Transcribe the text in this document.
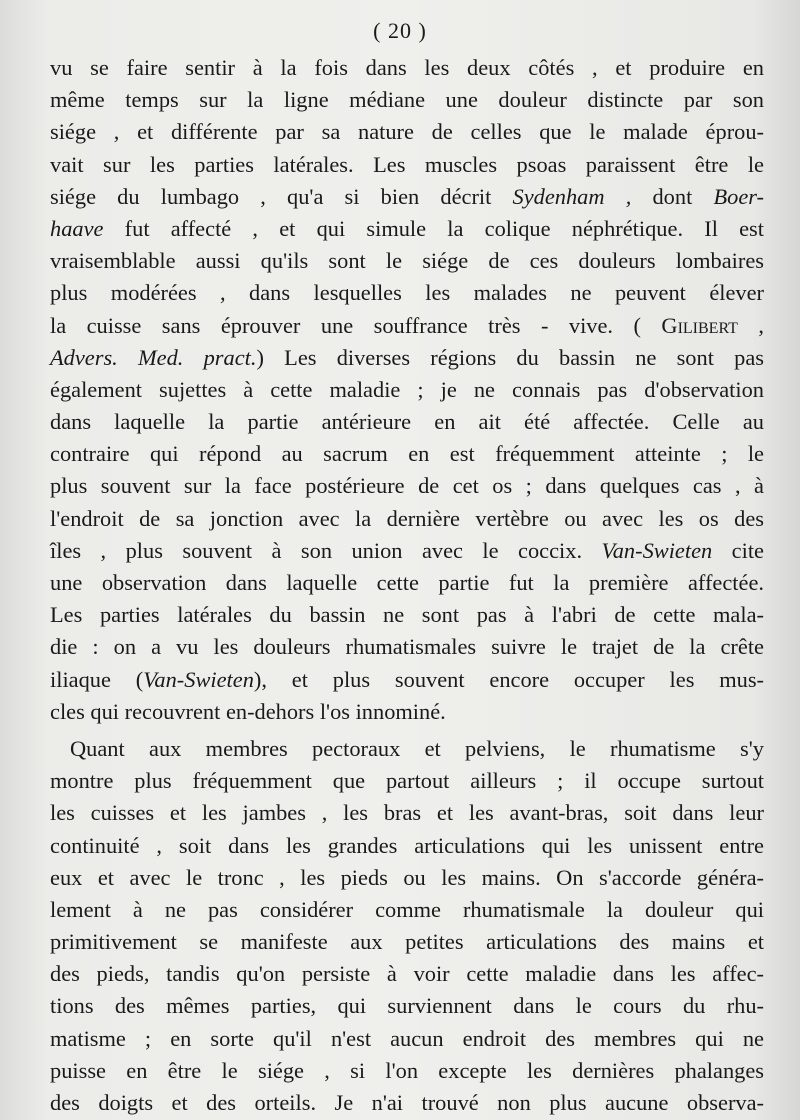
( 20 )
vu se faire sentir à la fois dans les deux côtés , et produire en
même temps sur la ligne médiane une douleur distincte par son
siége , et différente par sa nature de celles que le malade éprou-
vait sur les parties latérales. Les muscles psoas paraissent être le
siége du lumbago , qu'a si bien décrit Sydenham , dont Boer-
haave fut affecté , et qui simule la colique néphrétique. Il est
vraisemblable aussi qu'ils sont le siége de ces douleurs lombaires
plus modérées , dans lesquelles les malades ne peuvent élever
la cuisse sans éprouver une souffrance très - vive. ( Gilibert ,
Advers. Med. pract.) Les diverses régions du bassin ne sont pas
également sujettes à cette maladie ; je ne connais pas d'observation
dans laquelle la partie antérieure en ait été affectée. Celle au
contraire qui répond au sacrum en est fréquemment atteinte ; le
plus souvent sur la face postérieure de cet os ; dans quelques cas , à
l'endroit de sa jonction avec la dernière vertèbre ou avec les os des
îles , plus souvent à son union avec le coccix. Van-Swieten cite
une observation dans laquelle cette partie fut la première affectée.
Les parties latérales du bassin ne sont pas à l'abri de cette mala-
die : on a vu les douleurs rhumatismales suivre le trajet de la crête
iliaque (Van-Swieten), et plus souvent encore occuper les mus-
cles qui recouvrent en-dehors l'os innominé.
Quant aux membres pectoraux et pelviens, le rhumatisme s'y
montre plus fréquemment que partout ailleurs ; il occupe surtout
les cuisses et les jambes , les bras et les avant-bras, soit dans leur
continuité , soit dans les grandes articulations qui les unissent entre
eux et avec le tronc , les pieds ou les mains. On s'accorde généra-
lement à ne pas considérer comme rhumatismale la douleur qui
primitivement se manifeste aux petites articulations des mains et
des pieds, tandis qu'on persiste à voir cette maladie dans les affec-
tions des mêmes parties, qui surviennent dans le cours du rhu-
matisme ; en sorte qu'il n'est aucun endroit des membres qui ne
puisse en être le siége , si l'on excepte les dernières phalanges
des doigts et des orteils. Je n'ai trouvé non plus aucune observa-
